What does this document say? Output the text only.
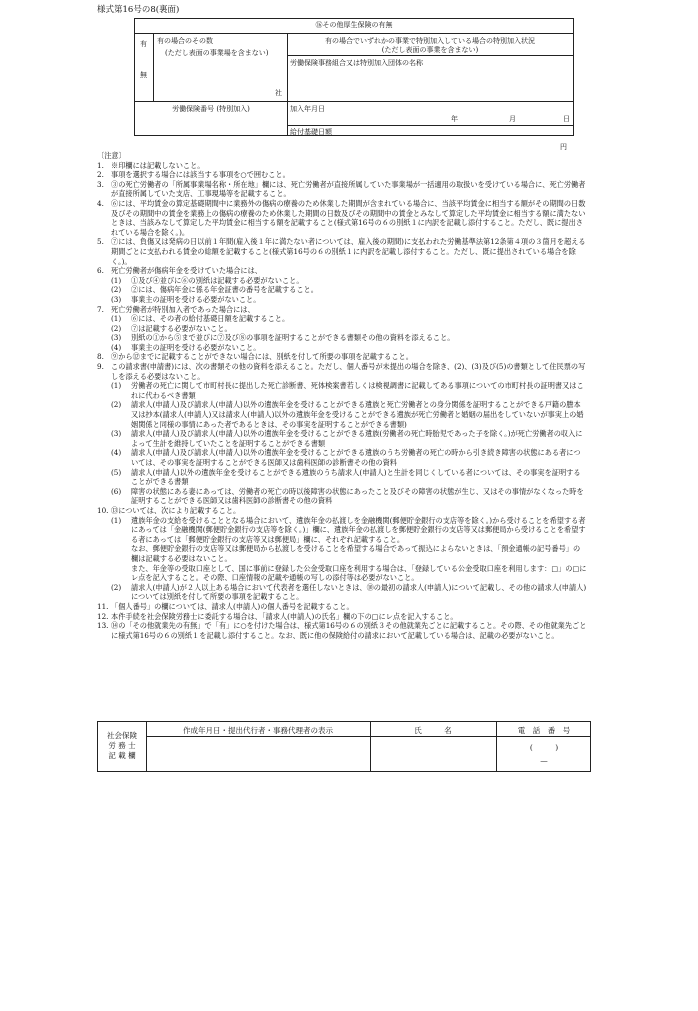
様式第16号の8(裏面)
⑯その他厚生保険の有無
有
無
有の場合のその数
(ただし表面の事業場を含まない)
社
有の場合でいずれかの事業で特別加入している場合の特別加入状況
(ただし表面の事業を含まない)
労働保険事務組合又は特別加入団体の名称
労働保険番号 (特別加入)	加入年月日
年	月	日
給付基礎日額
円
〔注意〕
1. ※印欄には記載しないこと。
2. 事項を選択する場合には該当する事項を○で囲むこと。
3. ③の死亡労働者の「所属事業場名称・所在地」欄には、死亡労働者が直接所属していた事業場が一括適用の取扱いを受けている場合に、死亡労働者が直接所属していた支店、工事現場等を記載すること。
4. ⑥には、平均賃金の算定基礎期間中に業務外の傷病の療養のため休業した期間が含まれている場合に、当該平均賃金に相当する額がその期間の日数及びその期間中の賃金を業務上の傷病の療養のため休業した期間の日数及びその期間中の賃金とみなして算定した平均賃金に相当する額に満たないときは、当該みなして算定した平均賃金に相当する額を記載すること(様式第16号の６の別紙１に内訳を記載し添付すること。ただし、既に提出されている場合を除く。)。
5. ⑦には、負傷又は発病の日以前１年間(雇入後１年に満たない者については、雇入後の期間)に支払われた労働基準法第12条第４項の３箇月を超える期間ごとに支払われる賃金の総額を記載すること(様式第16号の６の別紙１に内訳を記載し添付すること。ただし、既に提出されている場合を除く。)。
6. 死亡労働者が傷病年金を受けていた場合には、
(1) ①及び④並びに⑥の別紙は記載する必要がないこと。
(2) ②には、傷病年金に係る年金証書の番号を記載すること。
(3) 事業主の証明を受ける必要がないこと。
7. 死亡労働者が特別加入者であった場合には、
(1) ⑥には、その者の給付基礎日額を記載すること。
(2) ⑦は記載する必要がないこと。
(3) 別紙の①から⑤まで並びに⑦及び⑧の事項を証明することができる書類その他の資料を添えること。
(4) 事業主の証明を受ける必要がないこと。
8. ⑨から⑫までに記載することができない場合には、別紙を付して所要の事項を記載すること。
9. この請求書(申請書)には、次の書類その他の資料を添えること。ただし、個人番号が未提出の場合を除き、(2)、(3)及び(5)の書類として住民票の写しを添える必要はないこと。
(1) 労働者の死亡に関して市町村長に提出した死亡診断書、死体検案書若しくは検視調書に記載してある事項についての市町村長の証明書又はこれに代わるべき書類
(2) 請求人(申請人)及び請求人(申請人)以外の遺族年金を受けることができる遺族と死亡労働者との身分関係を証明することができる戸籍の謄本又は抄本(請求人(申請人)又は請求人(申請人)以外の遺族年金を受けることができる遺族が死亡労働者と婚姻の届出をしていないが事実上の婚姻関係と同様の事情にあった者であるときは、その事実を証明することができる書類)
(3) 請求人(申請人)及び請求人(申請人)以外の遺族年金を受けることができる遺族(労働者の死亡時胎児であった子を除く。)が死亡労働者の収入によって生計を維持していたことを証明することができる書類
(4) 請求人(申請人)及び請求人(申請人)以外の遺族年金を受けることができる遺族のうち労働者の死亡の時から引き続き障害の状態にある者については、その事実を証明することができる医師又は歯科医師の診断書その他の資料
(5) 請求人(申請人)以外の遺族年金を受けることができる遺族のうち請求人(申請人)と生計を同じくしている者については、その事実を証明することができる書類
(6) 障害の状態にある妻にあっては、労働者の死亡の時以後障害の状態にあったこと及びその障害の状態が生じ、又はその事情がなくなった時を証明することができる医師又は歯科医師の診断書その他の資料
10. ⑬については、次により記載すること。
(1) 遺族年金の支給を受けることとなる場合において、遺族年金の払渡しを金融機関(郵便貯金銀行の支店等を除く。)から受けることを希望する者にあっては「金融機関(郵便貯金銀行の支店等を除く。)」欄に、遺族年金の払渡しを郵便貯金銀行の支店等又は郵便局から受けることを希望する者にあっては「郵便貯金銀行の支店等又は郵便局」欄に、それぞれ記載すること。
なお、郵便貯金銀行の支店等又は郵便局から払渡しを受けることを希望する場合であって振込によらないときは、「預金通帳の記号番号」の欄は記載する必要はないこと。
また、年金等の受取口座として、国に事前に登録した公金受取口座を利用する場合は、「登録している公金受取口座を利用します：□」の□にレ点を記入すること。その際、口座情報の記載や通帳の写しの添付等は必要がないこと。
(2) 請求人(申請人)が２人以上ある場合において代表者を選任しないときは、⑩の最初の請求人(申請人)について記載し、その他の請求人(申請人)については別紙を付して所要の事項を記載すること。
11. 「個人番号」の欄については、請求人(申請人)の個人番号を記載すること。
12. 本件手続を社会保険労務士に委託する場合は、「請求人(申請人)の氏名」欄の下の□にレ点を記入すること。
13. ⑭の「その他就業先の有無」で「有」に○を付けた場合は、様式第16号の６の別紙３その他就業先ごとに記載すること。その際、その他就業先ごとに様式第16号の６の別紙１を記載し添付すること。なお、既に他の保険給付の請求において記載している場合は、記載の必要がないこと。
社会保険
労 務 士
記 載 欄
作成年月日・提出代行者・事務代理者の表示	氏　　　名	電　話　番　号
(　　　)
—
